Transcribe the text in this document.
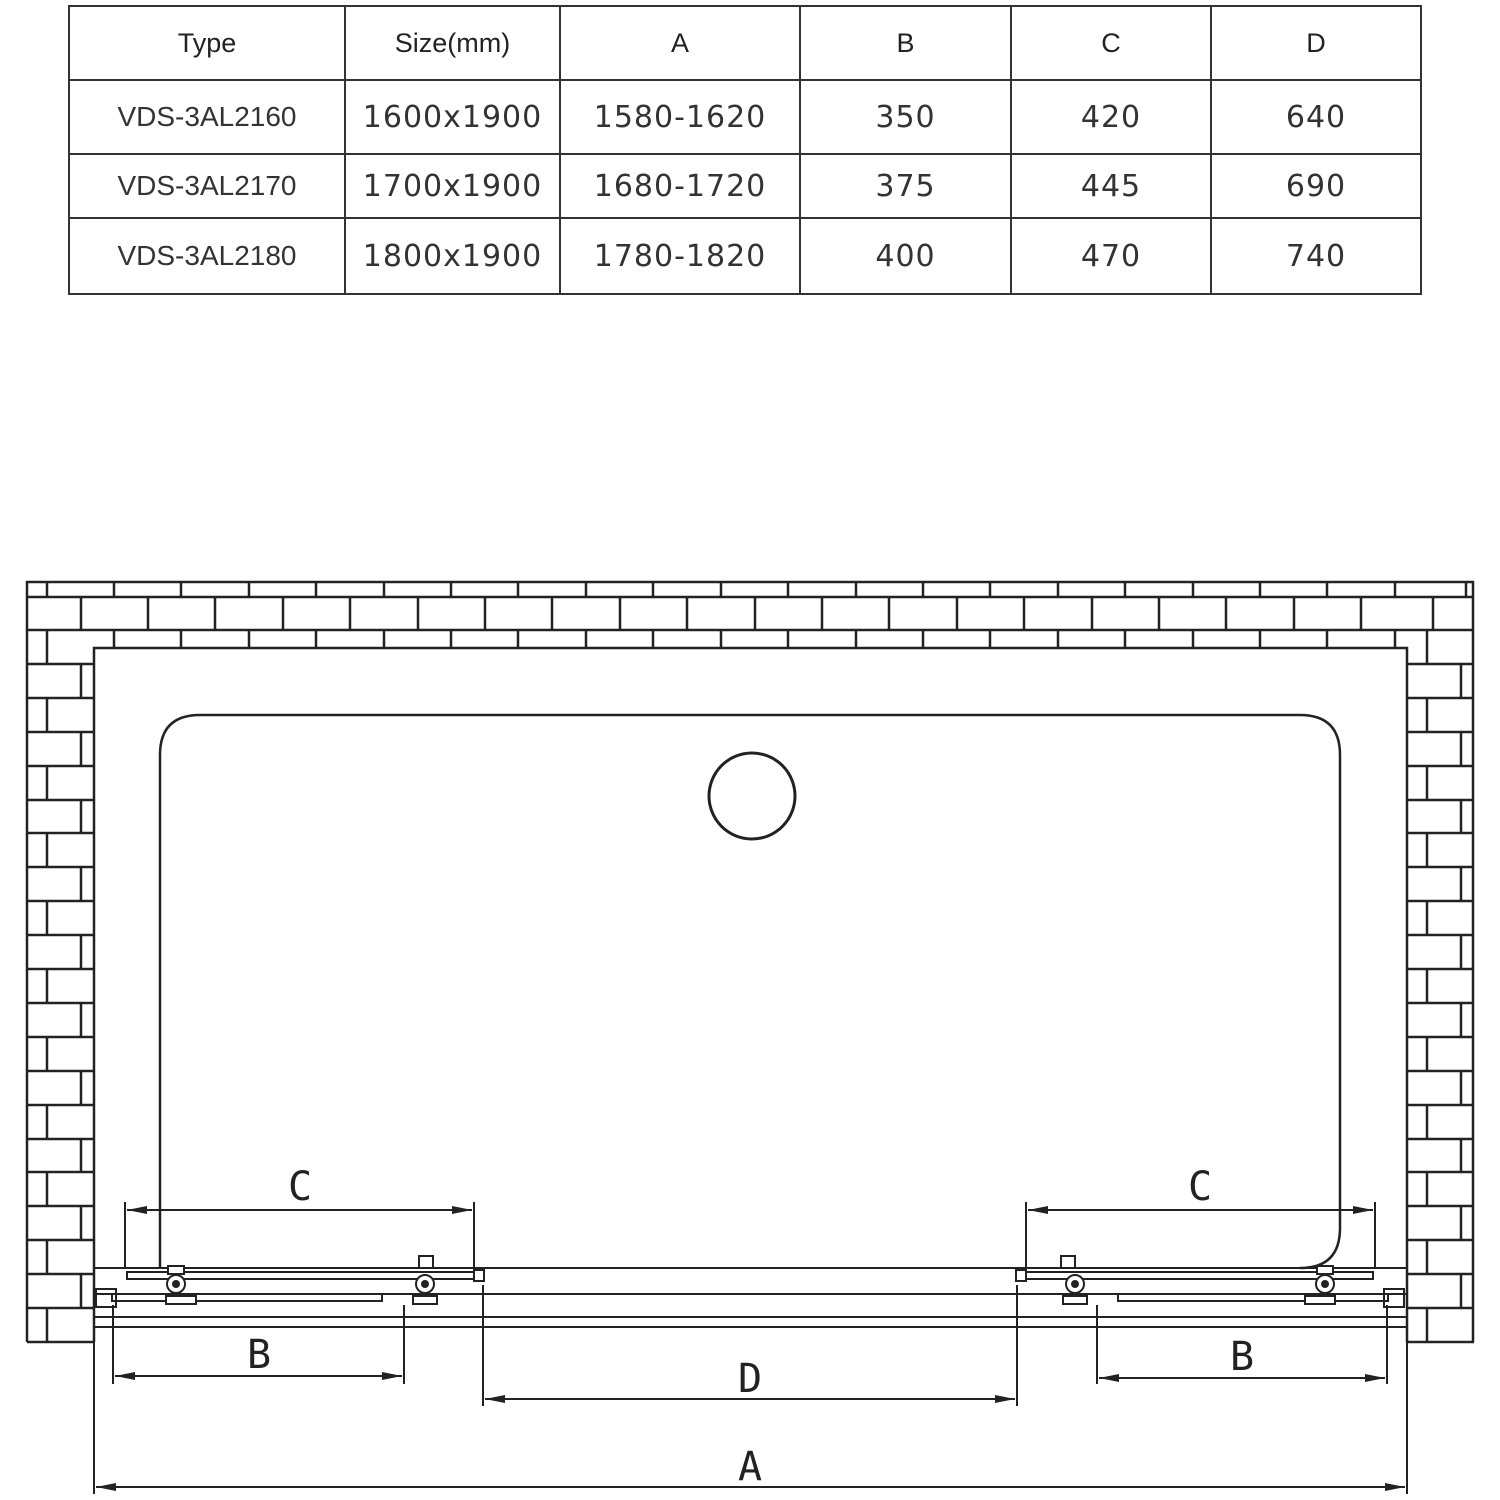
Type	Size(mm)	A	B	C	D
VDS-3AL2160	1600x1900	1580-1620	350	420	640
VDS-3AL2170	1700x1900	1680-1720	375	445	690
VDS-3AL2180	1800x1900	1780-1820	400	470	740
C	C
B	B
D
A
